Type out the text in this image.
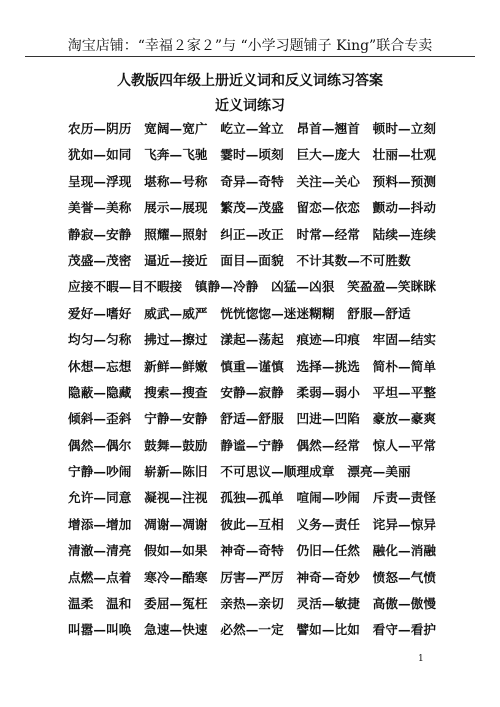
淘宝店铺：“幸福２家２”与 “小学习题铺子 King”联合专卖
人教版四年级上册近义词和反义词练习答案
近义词练习
农历—阴历　宽阔—宽广　屹立—耸立　昂首—翘首　顿时—立刻
犹如—如同　飞奔—飞驰　霎时—顷刻　巨大—庞大　壮丽—壮观
呈现—浮现　堪称—号称　奇异—奇特　关注—关心　预料—预测
美誉—美称　展示—展现　繁茂—茂盛　留恋—依恋　颤动—抖动
静寂—安静　照耀—照射　纠正—改正　时常—经常　陆续—连续
茂盛—茂密　逼近—接近　面目—面貌　不计其数—不可胜数
应接不暇—目不暇接　镇静—冷静　凶猛—凶狠　笑盈盈—笑眯眯
爱好—嗜好　威武—威严　恍恍惚惚—迷迷糊糊　舒服—舒适
均匀—匀称　拂过—擦过　漾起—荡起　痕迹—印痕　牢固—结实
休想—忘想　新鲜—鲜嫩　慎重—谨慎　选择—挑选　简朴—简单
隐蔽—隐藏　搜索—搜查　安静—寂静　柔弱—弱小　平坦—平整
倾斜—歪斜　宁静—安静　舒适—舒服　凹进—凹陷　豪放—豪爽
偶然—偶尔　鼓舞—鼓励　静谧—宁静　偶然—经常　惊人—平常
宁静—吵闹　崭新—陈旧　不可思议—顺理成章　漂亮—美丽
允许—同意　凝视—注视　孤独—孤单　喧闹—吵闹　斥责—责怪
增添—增加　凋谢—凋谢　彼此—互相　义务—责任　诧异—惊异
清澈—清亮　假如—如果　神奇—奇特　仍旧—任然　融化—消融
点燃—点着　寒冷—酷寒　厉害—严厉　神奇—奇妙　愤怒—气愤
温柔　温和　委屈—冤枉　亲热—亲切　灵活—敏捷　高傲—傲慢
叫嚣—叫唤　急速—快速　必然—一定　譬如—比如　看守—看护
1
